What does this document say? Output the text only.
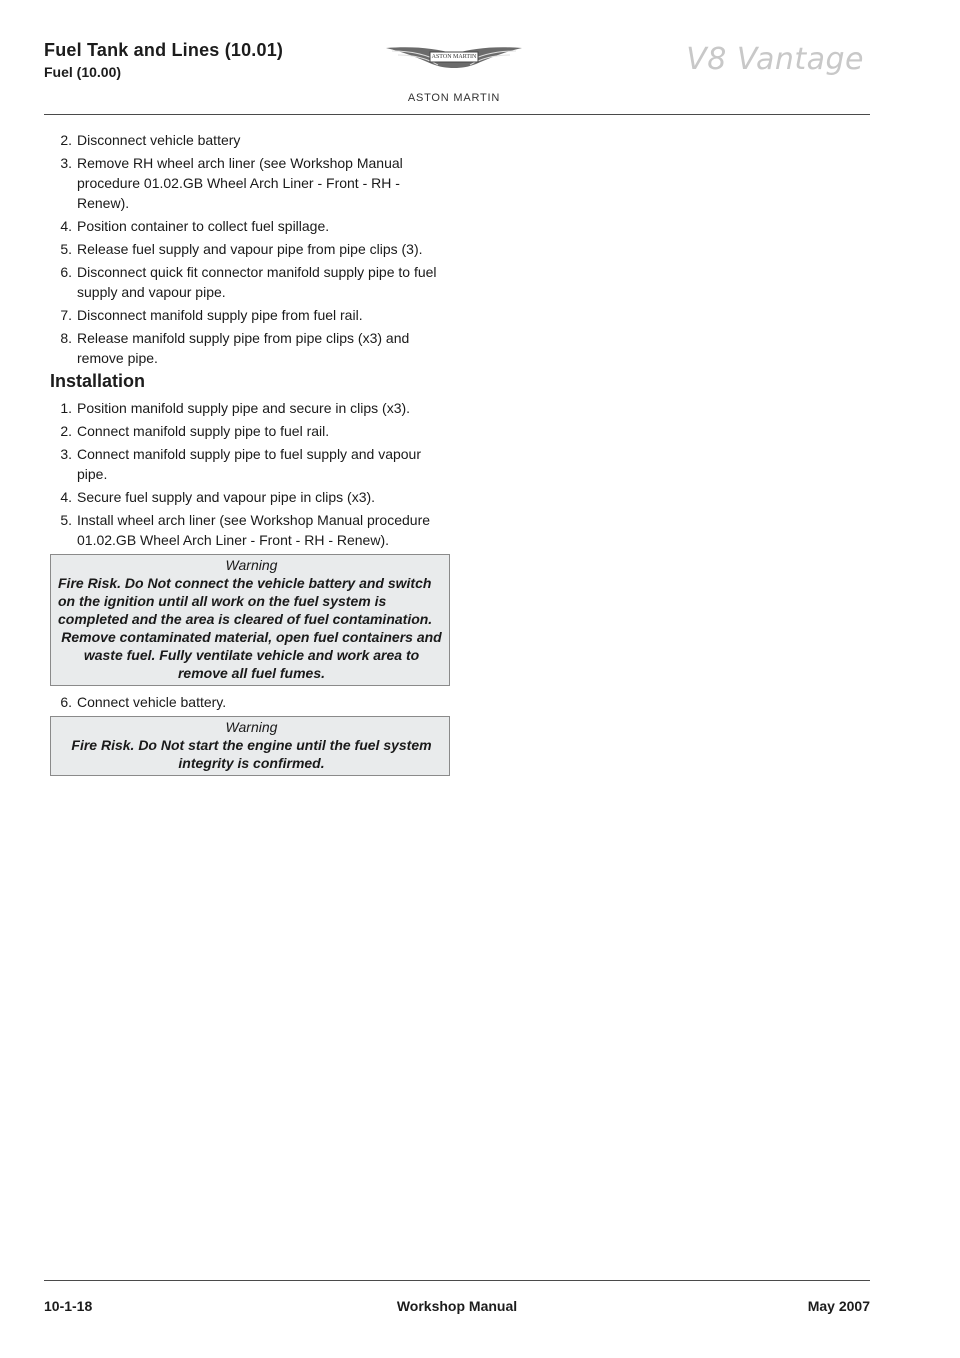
Fuel Tank and Lines (10.01)
Fuel (10.00)
ASTON MARTIN
ASTON MARTIN
V8 Vantage
2. Disconnect vehicle battery
3. Remove RH wheel arch liner (see Workshop Manual procedure 01.02.GB Wheel Arch Liner - Front - RH - Renew).
4. Position container to collect fuel spillage.
5. Release fuel supply and vapour pipe from pipe clips (3).
6. Disconnect quick fit connector manifold supply pipe to fuel supply and vapour pipe.
7. Disconnect manifold supply pipe from fuel rail.
8. Release manifold supply pipe from pipe clips (x3) and remove pipe.
Installation
1. Position manifold supply pipe and secure in clips (x3).
2. Connect manifold supply pipe to fuel rail.
3. Connect manifold supply pipe to fuel supply and vapour pipe.
4. Secure fuel supply and vapour pipe in clips (x3).
5. Install wheel arch liner (see Workshop Manual procedure 01.02.GB Wheel Arch Liner - Front - RH - Renew).
Warning
Fire Risk. Do Not connect the vehicle battery and switch on the ignition until all work on the fuel system is completed and the area is cleared of fuel contamination.
Remove contaminated material, open fuel containers and waste fuel. Fully ventilate vehicle and work area to remove all fuel fumes.
6. Connect vehicle battery.
Warning
Fire Risk. Do Not start the engine until the fuel system integrity is confirmed.
10-1-18	Workshop Manual	May 2007
